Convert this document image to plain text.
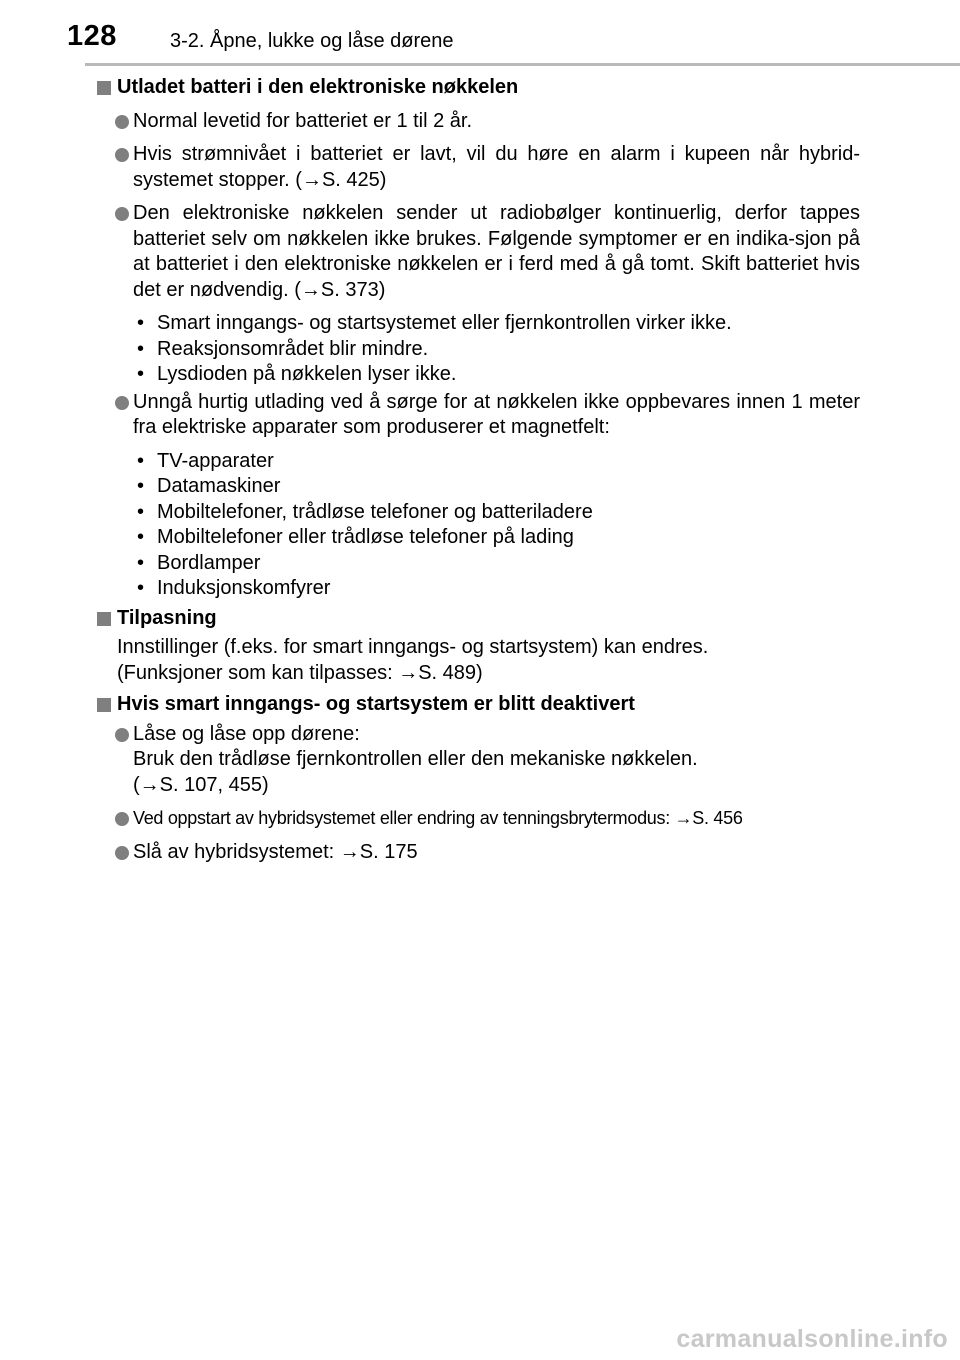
128	3-2. Åpne, lukke og låse dørene
Utladet batteri i den elektroniske nøkkelen
Normal levetid for batteriet er 1 til 2 år.
Hvis strømnivået i batteriet er lavt, vil du høre en alarm i kupeen når hybrid-systemet stopper. (→S. 425)
Den elektroniske nøkkelen sender ut radiobølger kontinuerlig, derfor tappes batteriet selv om nøkkelen ikke brukes. Følgende symptomer er en indika-sjon på at batteriet i den elektroniske nøkkelen er i ferd med å gå tomt. Skift batteriet hvis det er nødvendig. (→S. 373)
• Smart inngangs- og startsystemet eller fjernkontrollen virker ikke.
• Reaksjonsområdet blir mindre.
• Lysdioden på nøkkelen lyser ikke.
Unngå hurtig utlading ved å sørge for at nøkkelen ikke oppbevares innen 1 meter fra elektriske apparater som produserer et magnetfelt:
• TV-apparater
• Datamaskiner
• Mobiltelefoner, trådløse telefoner og batteriladere
• Mobiltelefoner eller trådløse telefoner på lading
• Bordlamper
• Induksjonskomfyrer
Tilpasning
Innstillinger (f.eks. for smart inngangs- og startsystem) kan endres.
(Funksjoner som kan tilpasses: →S. 489)
Hvis smart inngangs- og startsystem er blitt deaktivert
Låse og låse opp dørene:
Bruk den trådløse fjernkontrollen eller den mekaniske nøkkelen.
(→S. 107, 455)
Ved oppstart av hybridsystemet eller endring av tenningsbrytermodus: →S. 456
Slå av hybridsystemet: →S. 175
carmanualsonline.info
